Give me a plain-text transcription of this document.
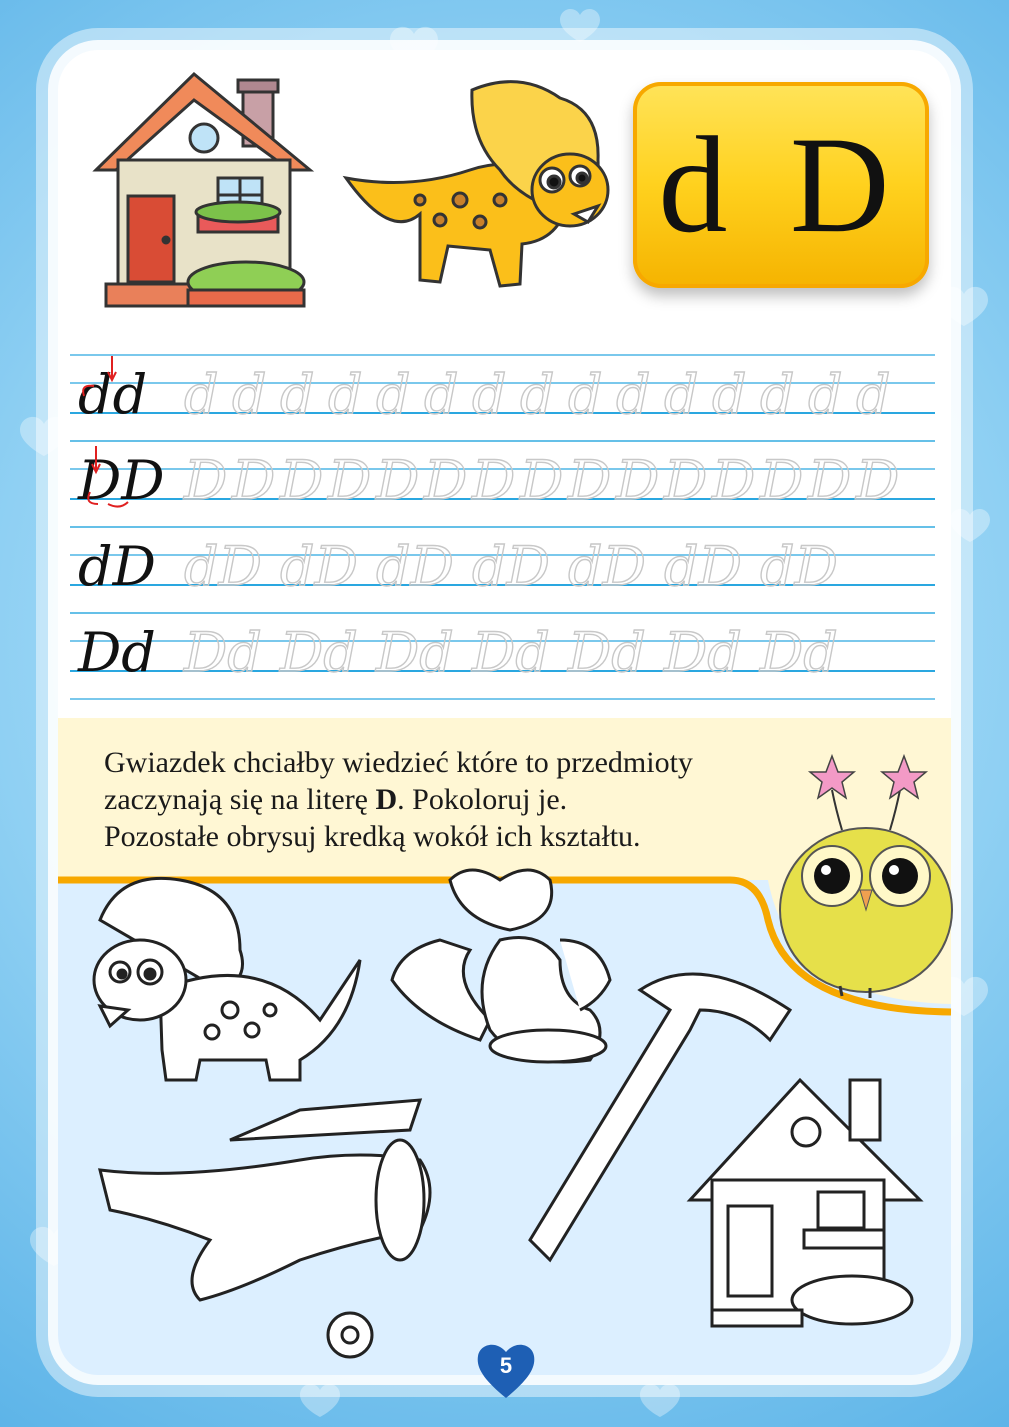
d D
dd d d d d d d d d d d d d d d d
DD D D D D D D D D D D D D D D D
dD dD dD dD dD dD dD dD
Dd Dd Dd Dd Dd Dd Dd Dd
Gwiazdek chciałby wiedzieć które to przedmioty
zaczynają się na literę D. Pokoloruj je.
Pozostałe obrysuj kredką wokół ich kształtu.
5
